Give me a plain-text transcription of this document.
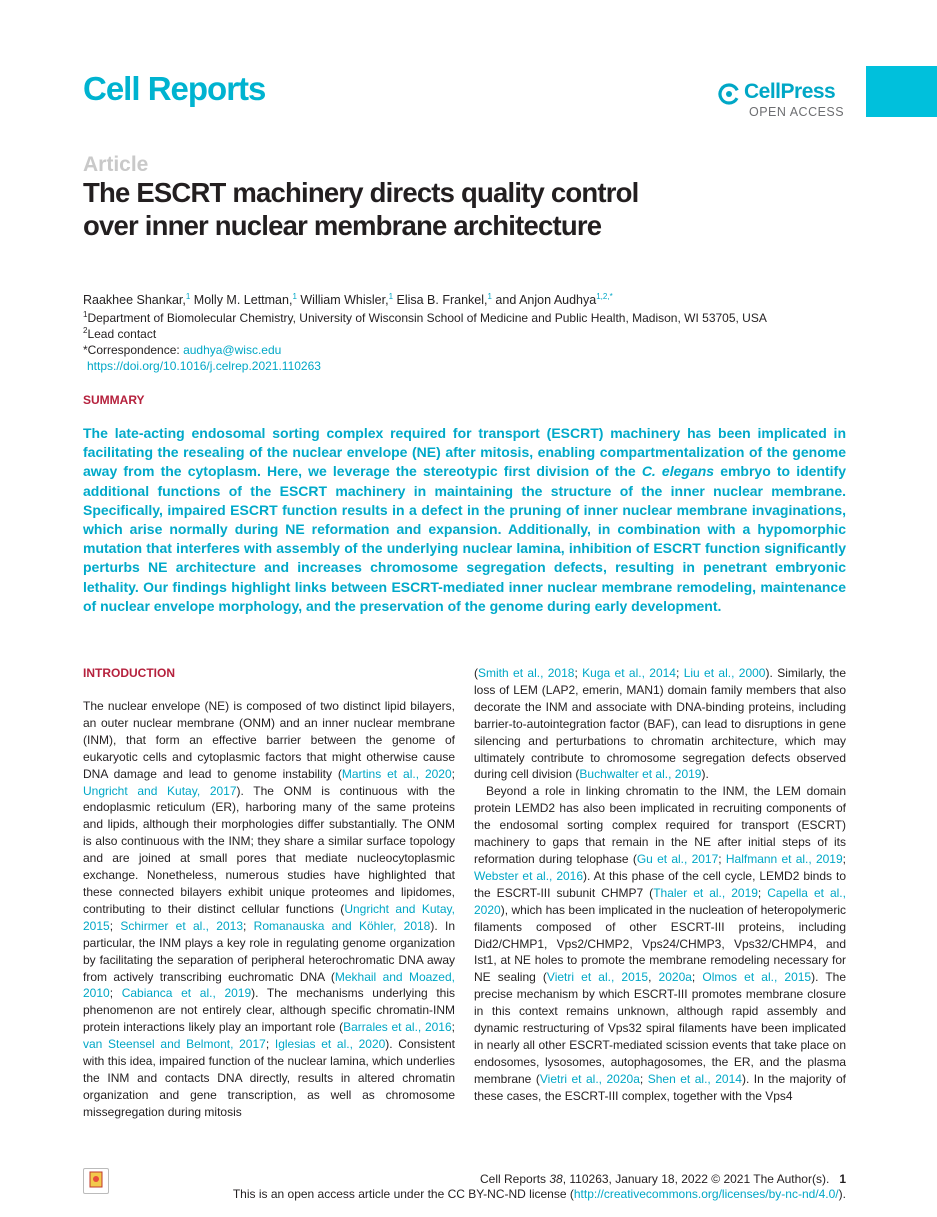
Cell Reports	CellPress
OPEN ACCESS
Article
The ESCRT machinery directs quality control over inner nuclear membrane architecture
Raakhee Shankar,$^1$ Molly M. Lettman,$^1$ William Whisler,$^1$ Elisa B. Frankel,$^1$ and Anjon Audhya$^{1,2,*}$
$^1$Department of Biomolecular Chemistry, University of Wisconsin School of Medicine and Public Health, Madison, WI 53705, USA
$^2$Lead contact
*Correspondence: audhya@wisc.edu
https://doi.org/10.1016/j.celrep.2021.110263
SUMMARY
The late-acting endosomal sorting complex required for transport (ESCRT) machinery has been implicated in facilitating the resealing of the nuclear envelope (NE) after mitosis, enabling compartmentalization of the genome away from the cytoplasm. Here, we leverage the stereotypic first division of the C. elegans embryo to identify additional functions of the ESCRT machinery in maintaining the structure of the inner nuclear membrane. Specifically, impaired ESCRT function results in a defect in the pruning of inner nuclear membrane invaginations, which arise normally during NE reformation and expansion. Additionally, in combination with a hypomorphic mutation that interferes with assembly of the underlying nuclear lamina, inhibition of ESCRT function significantly perturbs NE architecture and increases chromosome segregation defects, resulting in penetrant embryonic lethality. Our findings highlight links between ESCRT-mediated inner nuclear membrane remodeling, maintenance of nuclear envelope morphology, and the preservation of the genome during early development.
INTRODUCTION

The nuclear envelope (NE) is composed of two distinct lipid bilayers, an outer nuclear membrane (ONM) and an inner nuclear membrane (INM), that form an effective barrier between the genome of eukaryotic cells and cytoplasmic factors that might otherwise cause DNA damage and lead to genome instability (Martins et al., 2020; Ungricht and Kutay, 2017). The ONM is continuous with the endoplasmic reticulum (ER), harboring many of the same proteins and lipids, although their morphologies differ substantially. The ONM is also continuous with the INM; they share a similar surface topology and are joined at small pores that mediate nucleocytoplasmic exchange. Nonetheless, numerous studies have highlighted that these connected bilayers exhibit unique proteomes and lipidomes, contributing to their distinct cellular functions (Ungricht and Kutay, 2015; Schirmer et al., 2013; Romanauska and Köhler, 2018). In particular, the INM plays a key role in regulating genome organization by facilitating the separation of peripheral heterochromatic DNA away from actively transcribing euchromatic DNA (Mekhail and Moazed, 2010; Cabianca et al., 2019). The mechanisms underlying this phenomenon are not entirely clear, although specific chromatin-INM protein interactions likely play an important role (Barrales et al., 2016; van Steensel and Belmont, 2017; Iglesias et al., 2020). Consistent with this idea, impaired function of the nuclear lamina, which underlies the INM and contacts DNA directly, results in altered chromatin organization and gene transcription, as well as chromosome missegregation during mitosis

(Smith et al., 2018; Kuga et al., 2014; Liu et al., 2000). Similarly, the loss of LEM (LAP2, emerin, MAN1) domain family members that also decorate the INM and associate with DNA-binding proteins, including barrier-to-autointegration factor (BAF), can lead to disruptions in gene silencing and perturbations to chromatin architecture, which may ultimately contribute to chromosome segregation defects observed during cell division (Buchwalter et al., 2019).

Beyond a role in linking chromatin to the INM, the LEM domain protein LEMD2 has also been implicated in recruiting components of the endosomal sorting complex required for transport (ESCRT) machinery to gaps that remain in the NE after initial steps of its reformation during telophase (Gu et al., 2017; Halfmann et al., 2019; Webster et al., 2016). At this phase of the cell cycle, LEMD2 binds to the ESCRT-III subunit CHMP7 (Thaler et al., 2019; Capella et al., 2020), which has been implicated in the nucleation of heteropolymeric filaments composed of other ESCRT-III proteins, including Did2/CHMP1, Vps2/CHMP2, Vps24/CHMP3, Vps32/CHMP4, and Ist1, at NE holes to promote the membrane remodeling necessary for NE sealing (Vietri et al., 2015, 2020a; Olmos et al., 2015). The precise mechanism by which ESCRT-III promotes membrane closure in this context remains unknown, although rapid assembly and dynamic restructuring of Vps32 spiral filaments have been implicated in nearly all other ESCRT-mediated scission events that take place on endosomes, lysosomes, autophagosomes, the ER, and the plasma membrane (Vietri et al., 2020a; Shen et al., 2014). In the majority of these cases, the ESCRT-III complex, together with the Vps4

Cell Reports 38, 110263, January 18, 2022 © 2021 The Author(s). 1
This is an open access article under the CC BY-NC-ND license (http://creativecommons.org/licenses/by-nc-nd/4.0/).
